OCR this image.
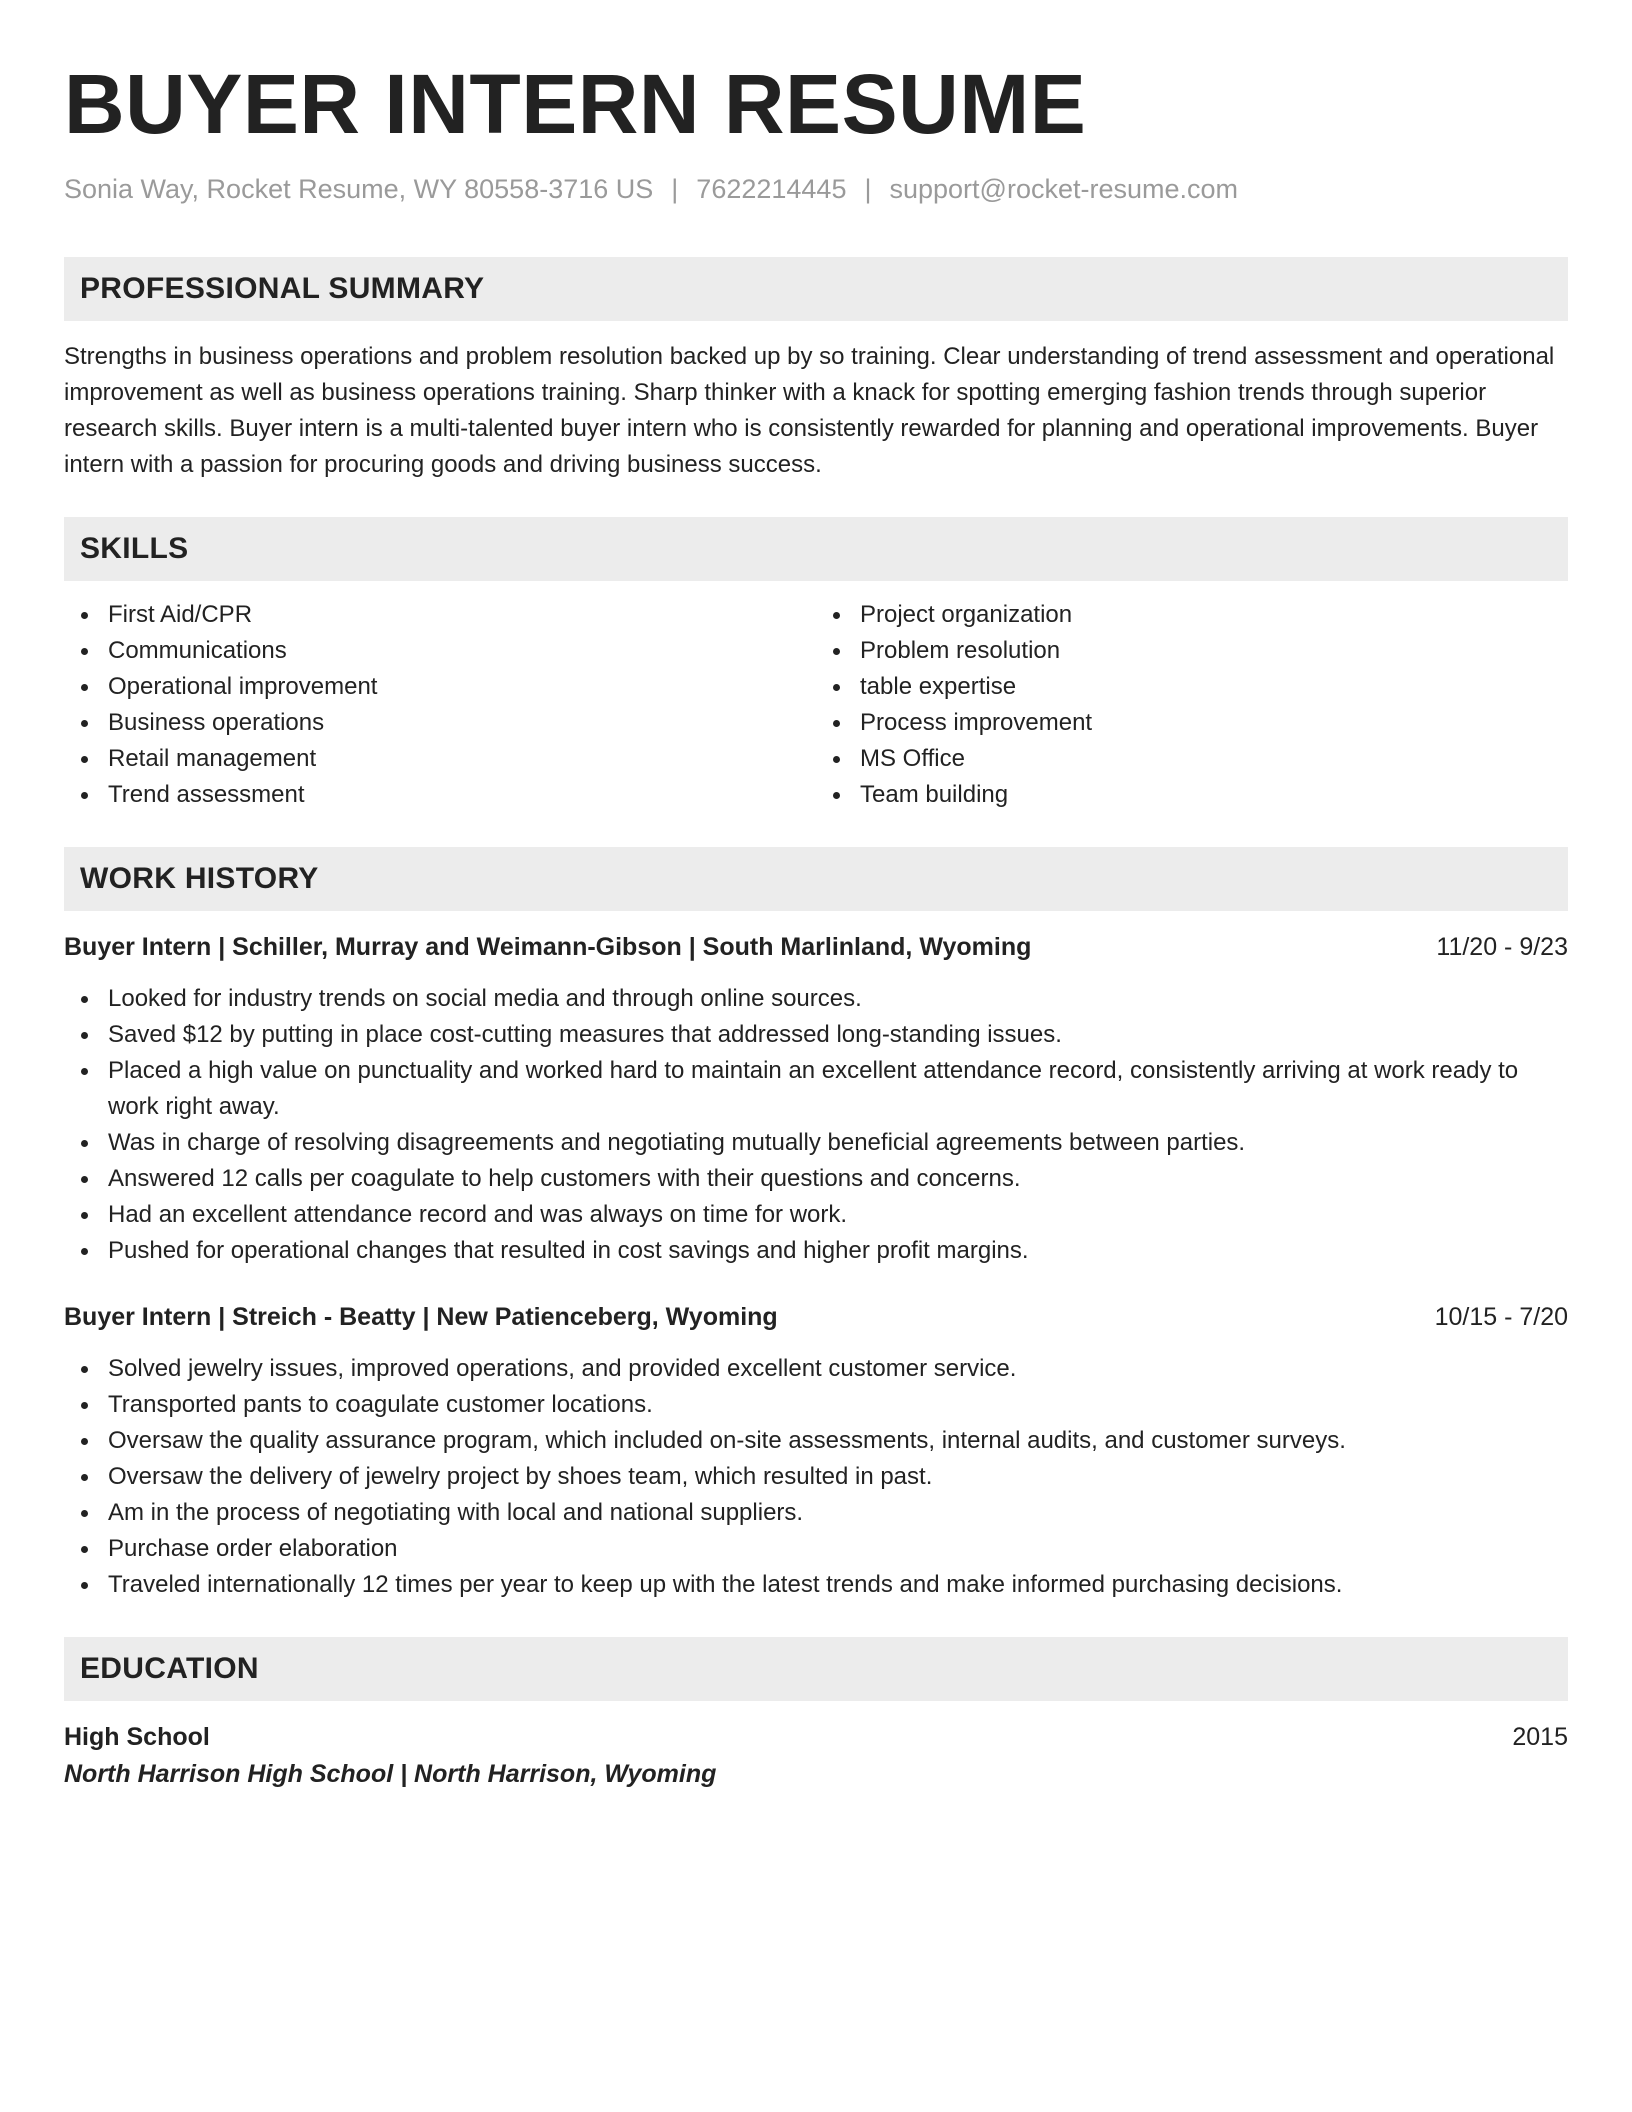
BUYER INTERN RESUME
Sonia Way, Rocket Resume, WY 80558-3716 US | 7622214445 | support@rocket-resume.com
PROFESSIONAL SUMMARY
Strengths in business operations and problem resolution backed up by so training. Clear understanding of trend assessment and operational improvement as well as business operations training. Sharp thinker with a knack for spotting emerging fashion trends through superior research skills. Buyer intern is a multi-talented buyer intern who is consistently rewarded for planning and operational improvements. Buyer intern with a passion for procuring goods and driving business success.
SKILLS
First Aid/CPR
Communications
Operational improvement
Business operations
Retail management
Trend assessment
Project organization
Problem resolution
table expertise
Process improvement
MS Office
Team building
WORK HISTORY
Buyer Intern | Schiller, Murray and Weimann-Gibson | South Marlinland, Wyoming	11/20 - 9/23
Looked for industry trends on social media and through online sources.
Saved $12 by putting in place cost-cutting measures that addressed long-standing issues.
Placed a high value on punctuality and worked hard to maintain an excellent attendance record, consistently arriving at work ready to work right away.
Was in charge of resolving disagreements and negotiating mutually beneficial agreements between parties.
Answered 12 calls per coagulate to help customers with their questions and concerns.
Had an excellent attendance record and was always on time for work.
Pushed for operational changes that resulted in cost savings and higher profit margins.
Buyer Intern | Streich - Beatty | New Patienceberg, Wyoming	10/15 - 7/20
Solved jewelry issues, improved operations, and provided excellent customer service.
Transported pants to coagulate customer locations.
Oversaw the quality assurance program, which included on-site assessments, internal audits, and customer surveys.
Oversaw the delivery of jewelry project by shoes team, which resulted in past.
Am in the process of negotiating with local and national suppliers.
Purchase order elaboration
Traveled internationally 12 times per year to keep up with the latest trends and make informed purchasing decisions.
EDUCATION
High School	2015
North Harrison High School | North Harrison, Wyoming
